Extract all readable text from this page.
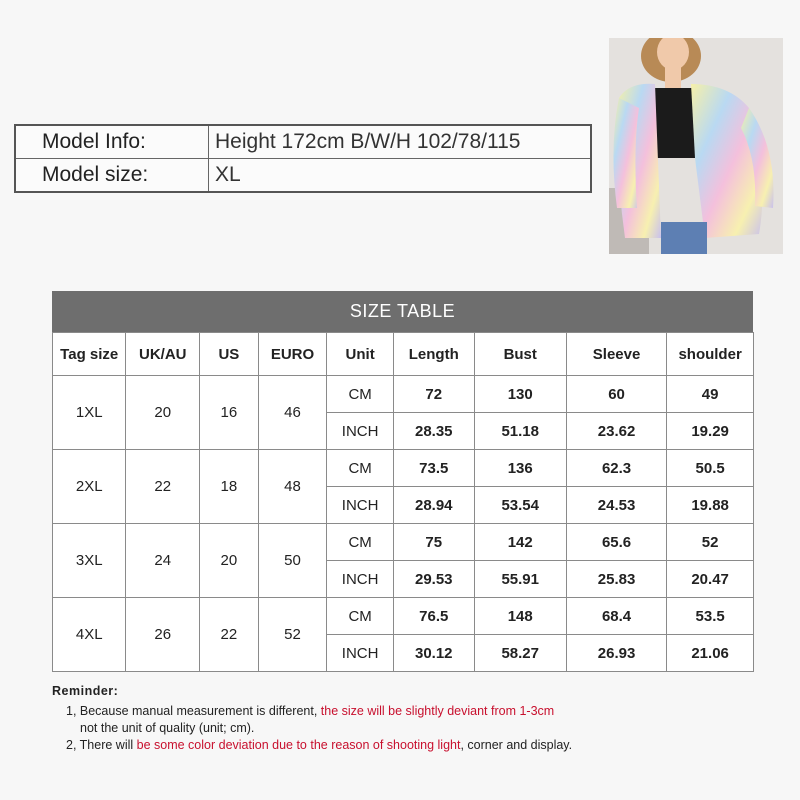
Model Info:	Height 172cm B/W/H 102/78/115
Model size:	XL
SIZE TABLE
Tag size	UK/AU	US	EURO	Unit	Length	Bust	Sleeve	shoulder
1XL	20	16	46	CM	72	130	60	49
				INCH	28.35	51.18	23.62	19.29
2XL	22	18	48	CM	73.5	136	62.3	50.5
				INCH	28.94	53.54	24.53	19.88
3XL	24	20	50	CM	75	142	65.6	52
				INCH	29.53	55.91	25.83	20.47
4XL	26	22	52	CM	76.5	148	68.4	53.5
				INCH	30.12	58.27	26.93	21.06
Reminder:
1, Because manual measurement is different, the size will be slightly deviant from 1-3cm
not the unit of quality (unit; cm).
2, There will be some color deviation due to the reason of shooting light, corner and display.
